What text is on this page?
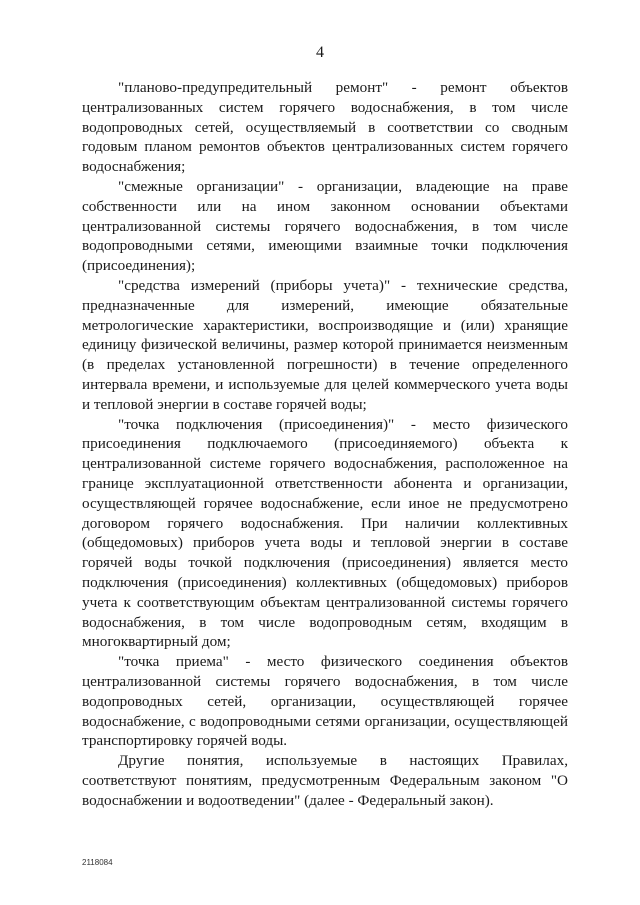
4

"планово-предупредительный ремонт" - ремонт объектов централизованных систем горячего водоснабжения, в том числе водопроводных сетей, осуществляемый в соответствии со сводным годовым планом ремонтов объектов централизованных систем горячего водоснабжения;

"смежные организации" - организации, владеющие на праве собственности или на ином законном основании объектами централизованной системы горячего водоснабжения, в том числе водопроводными сетями, имеющими взаимные точки подключения (присоединения);

"средства измерений (приборы учета)" - технические средства, предназначенные для измерений, имеющие обязательные метрологические характеристики, воспроизводящие и (или) хранящие единицу физической величины, размер которой принимается неизменным (в пределах установленной погрешности) в течение определенного интервала времени, и используемые для целей коммерческого учета воды и тепловой энергии в составе горячей воды;

"точка подключения (присоединения)" - место физического присоединения подключаемого (присоединяемого) объекта к централизованной системе горячего водоснабжения, расположенное на границе эксплуатационной ответственности абонента и организации, осуществляющей горячее водоснабжение, если иное не предусмотрено договором горячего водоснабжения. При наличии коллективных (общедомовых) приборов учета воды и тепловой энергии в составе горячей воды точкой подключения (присоединения) является место подключения (присоединения) коллективных (общедомовых) приборов учета к соответствующим объектам централизованной системы горячего водоснабжения, в том числе водопроводным сетям, входящим в многоквартирный дом;

"точка приема" - место физического соединения объектов централизованной системы горячего водоснабжения, в том числе водопроводных сетей, организации, осуществляющей горячее водоснабжение, с водопроводными сетями организации, осуществляющей транспортировку горячей воды.

Другие понятия, используемые в настоящих Правилах, соответствуют понятиям, предусмотренным Федеральным законом "О водоснабжении и водоотведении" (далее - Федеральный закон).

2118084
